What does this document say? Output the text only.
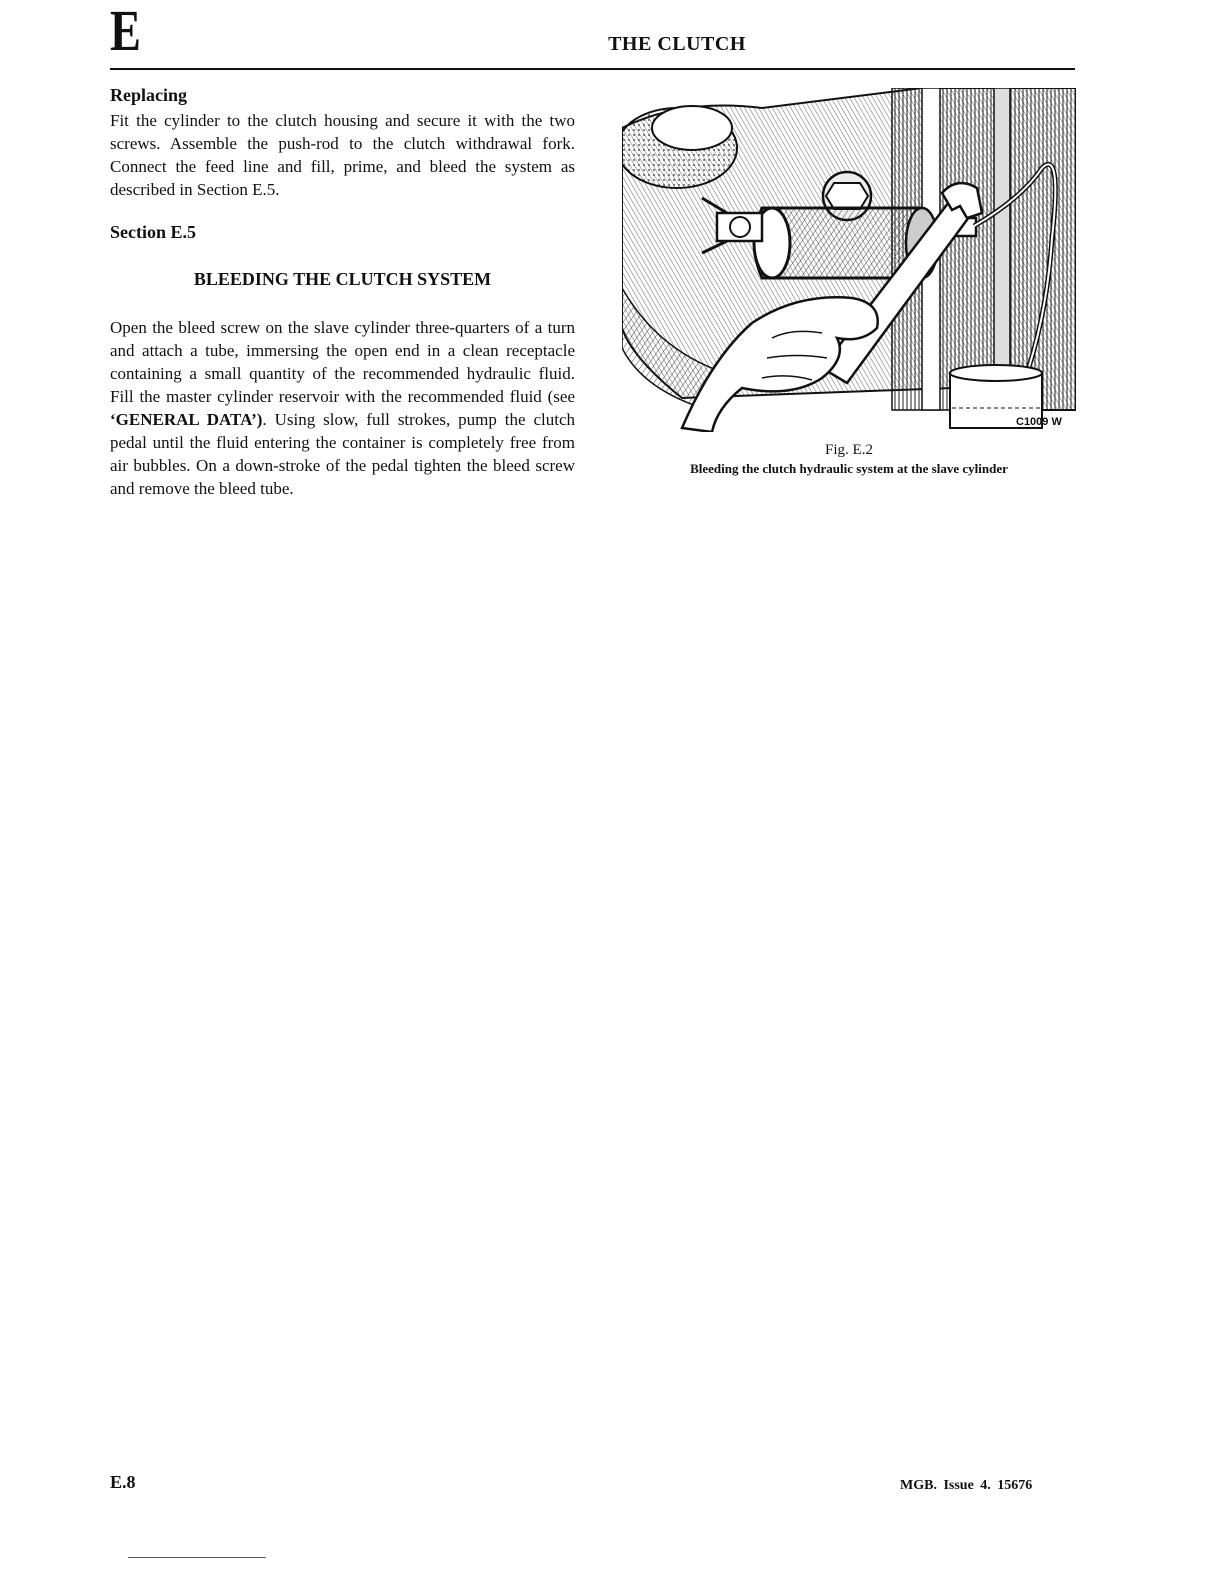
E	THE CLUTCH
Replacing
Fit the cylinder to the clutch housing and secure it with the two screws. Assemble the push-rod to the clutch withdrawal fork. Connect the feed line and fill, prime, and bleed the system as described in Section E.5.
Section E.5
BLEEDING THE CLUTCH SYSTEM
Open the bleed screw on the slave cylinder three-quarters of a turn and attach a tube, immersing the open end in a clean receptacle containing a small quantity of the recommended hydraulic fluid. Fill the master cylinder reservoir with the recommended fluid (see ‘GENERAL DATA’). Using slow, full strokes, pump the clutch pedal until the fluid entering the container is completely free from air bubbles. On a down-stroke of the pedal tighten the bleed screw and remove the bleed tube.
C1009 W
Fig. E.2
Bleeding the clutch hydraulic system at the slave cylinder
E.8	MGB. Issue 4. 15676
